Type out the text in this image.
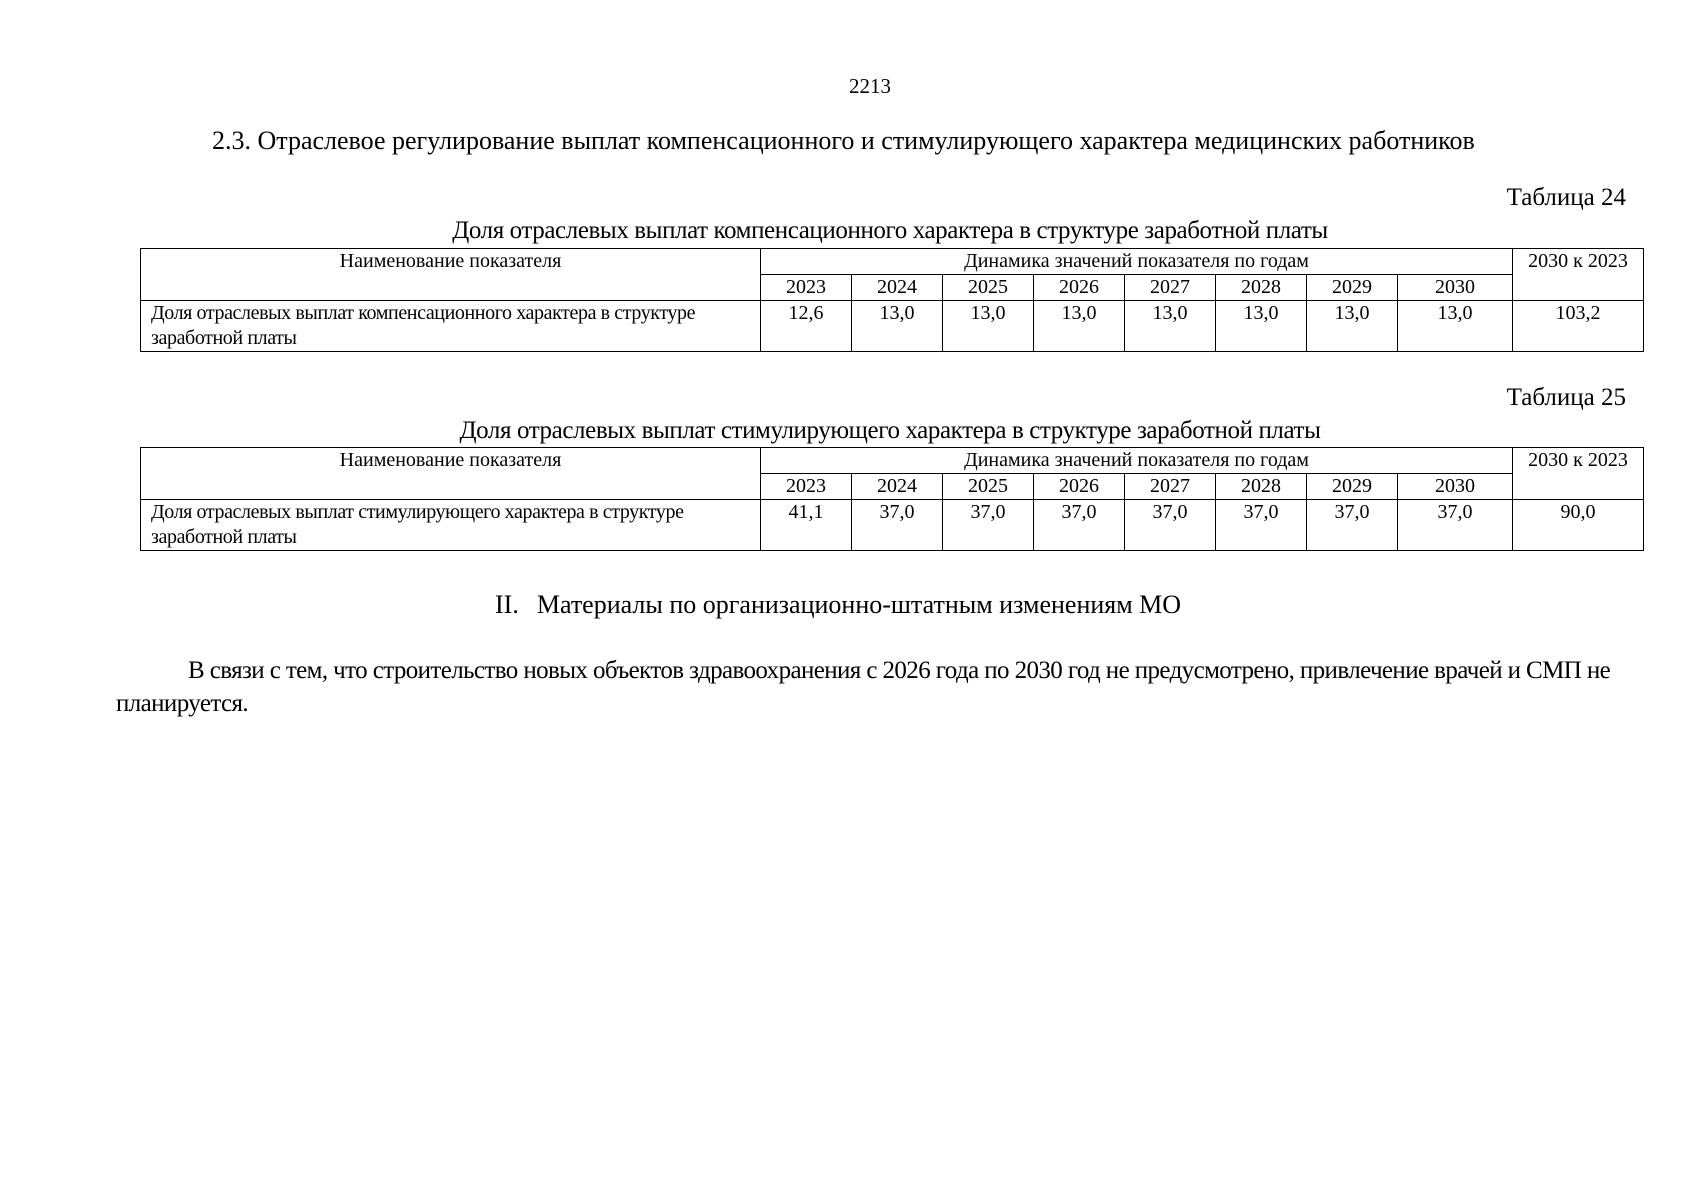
2213
2.3. Отраслевое регулирование выплат компенсационного и стимулирующего характера медицинских работников
Таблица 24
Доля отраслевых выплат компенсационного характера в структуре заработной платы
Наименование показателя	Динамика значений показателя по годам								2030 к 2023
	2023	2024	2025	2026	2027	2028	2029	2030	
Доля отраслевых выплат компенсационного характера в структуре заработной платы	12,6	13,0	13,0	13,0	13,0	13,0	13,0	13,0	103,2
Таблица 25
Доля отраслевых выплат стимулирующего характера в структуре заработной платы
Наименование показателя	Динамика значений показателя по годам								2030 к 2023
	2023	2024	2025	2026	2027	2028	2029	2030	
Доля отраслевых выплат стимулирующего характера в структуре заработной платы	41,1	37,0	37,0	37,0	37,0	37,0	37,0	37,0	90,0
II. Материалы по организационно-штатным изменениям МО
В связи с тем, что строительство новых объектов здравоохранения с 2026 года по 2030 год не предусмотрено, привлечение врачей и СМП не планируется.
